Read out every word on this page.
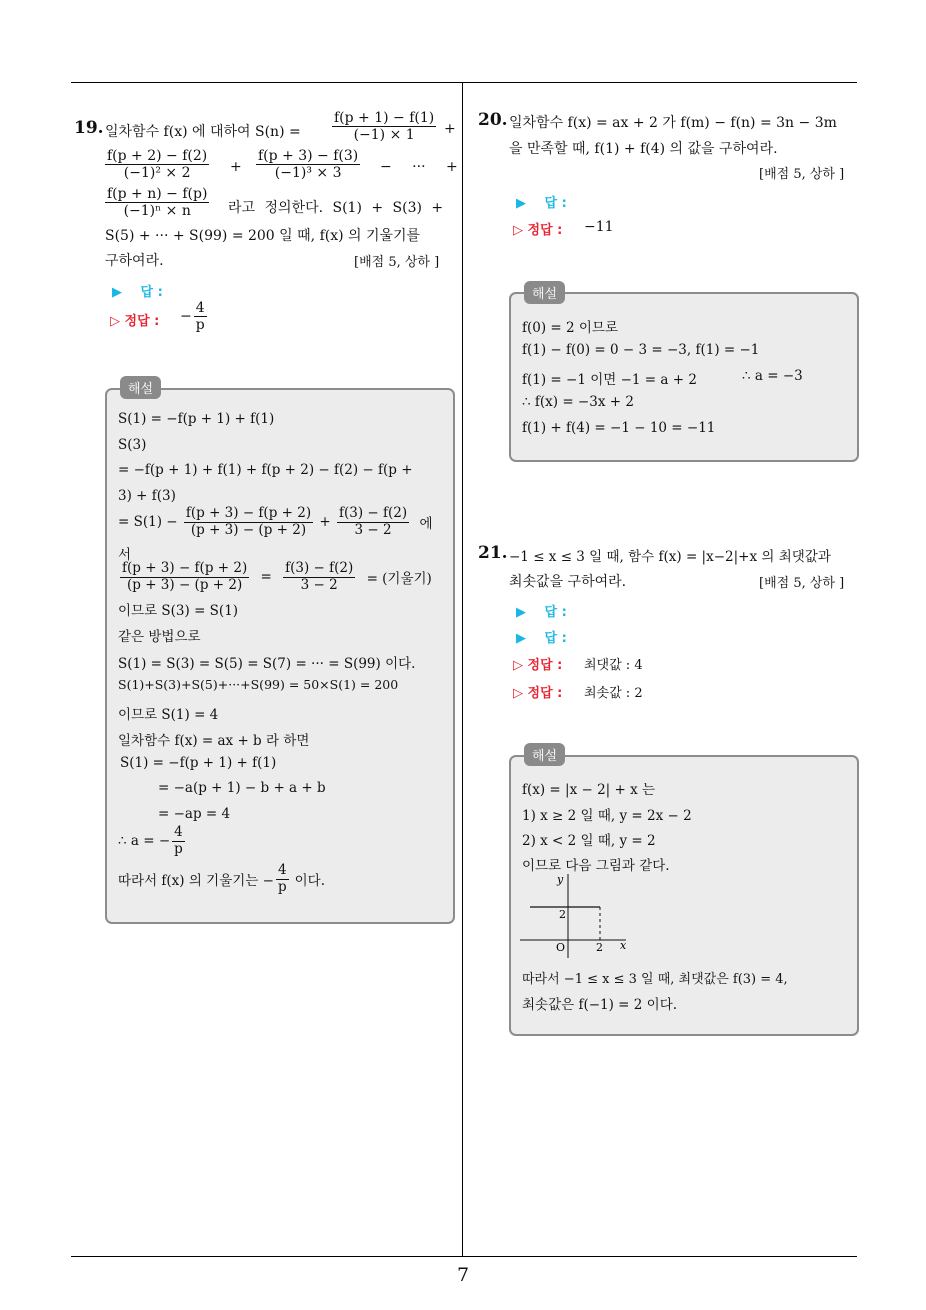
7
19. 일차함수 f(x) 에 대하여 $S(n) = \frac{f(p + 1) - f(1)}{(-1) \times 1}$ +
$\frac{f(p + 2) - f(2)}{\text{(−1)² × 2}} + \frac{f(p + 3) - f(3)}{\text{(−1)³ × 3}}$ − ··· +
$\frac{f(p + n) - f(p)}{\text{(−1)ⁿ × n}}$ 라고 정의한다. S(1) + S(3) +
S(5) + ··· + S(99) = 200 일 때, f(x) 의 기울기를
구하여라.	[배점 5, 상하 ]
▶ 답 :
▷ 정답 : − $\frac{4}{p}$
해설
S(1) = −f(p + 1) + f(1)
S(3)
= −f(p + 1) + f(1) + f(p + 2) − f(2) − f(p +
3) + f(3)
= $S(1) - \frac{f(p + 3) - f(p + 2)}{(p + 3) - (p + 2)} + \frac{f(3) - f(2)}{3 - 2}$ 에
서
$\frac{f(p + 3) - f(p + 2)}{(p + 3) - (p + 2)} = \frac{f(3) - f(2)}{3 - 2}$ = (기울기)
이므로 S(3) = S(1)
같은 방법으로
S(1) = S(3) = S(5) = S(7) = ··· = S(99) 이다.
S(1)+S(3)+S(5)+···+S(99) = 50×S(1) = 200
이므로 S(1) = 4
일차함수 f(x) = ax + b 라 하면
S(1) = −f(p + 1) + f(1)
= −a(p + 1) − b + a + b
= −ap = 4
∴ a = − $\frac{4}{p}$
따라서 f(x) 의 기울기는 − $\frac{4}{p}$ 이다.
20. 일차함수 f(x) = ax + 2 가 f(m) − f(n) = 3n − 3m
을 만족할 때, f(1) + f(4) 의 값을 구하여라.
[배점 5, 상하 ]
▶ 답 :
▷ 정답 : −11
해설
f(0) = 2 이므로
f(1) − f(0) = 0 − 3 = −3, f(1) = −1
f(1) = −1 이면 −1 = a + 2	∴ a = −3
∴ f(x) = −3x + 2
f(1) + f(4) = −1 − 10 = −11
21. −1 ≤ x ≤ 3 일 때, 함수 f(x) = |x−2|+x 의 최댓값과
최솟값을 구하여라.	[배점 5, 상하 ]
▶ 답 :
▶ 답 :
▷ 정답 : 최댓값 : 4
▷ 정답 : 최솟값 : 2
해설
f(x) = |x − 2| + x 는
1) x ≥ 2 일 때, y = 2x − 2
2) x < 2 일 때, y = 2
이므로 다음 그림과 같다.
y
x
O
2
2
따라서 −1 ≤ x ≤ 3 일 때, 최댓값은 f(3) = 4,
최솟값은 f(−1) = 2 이다.
